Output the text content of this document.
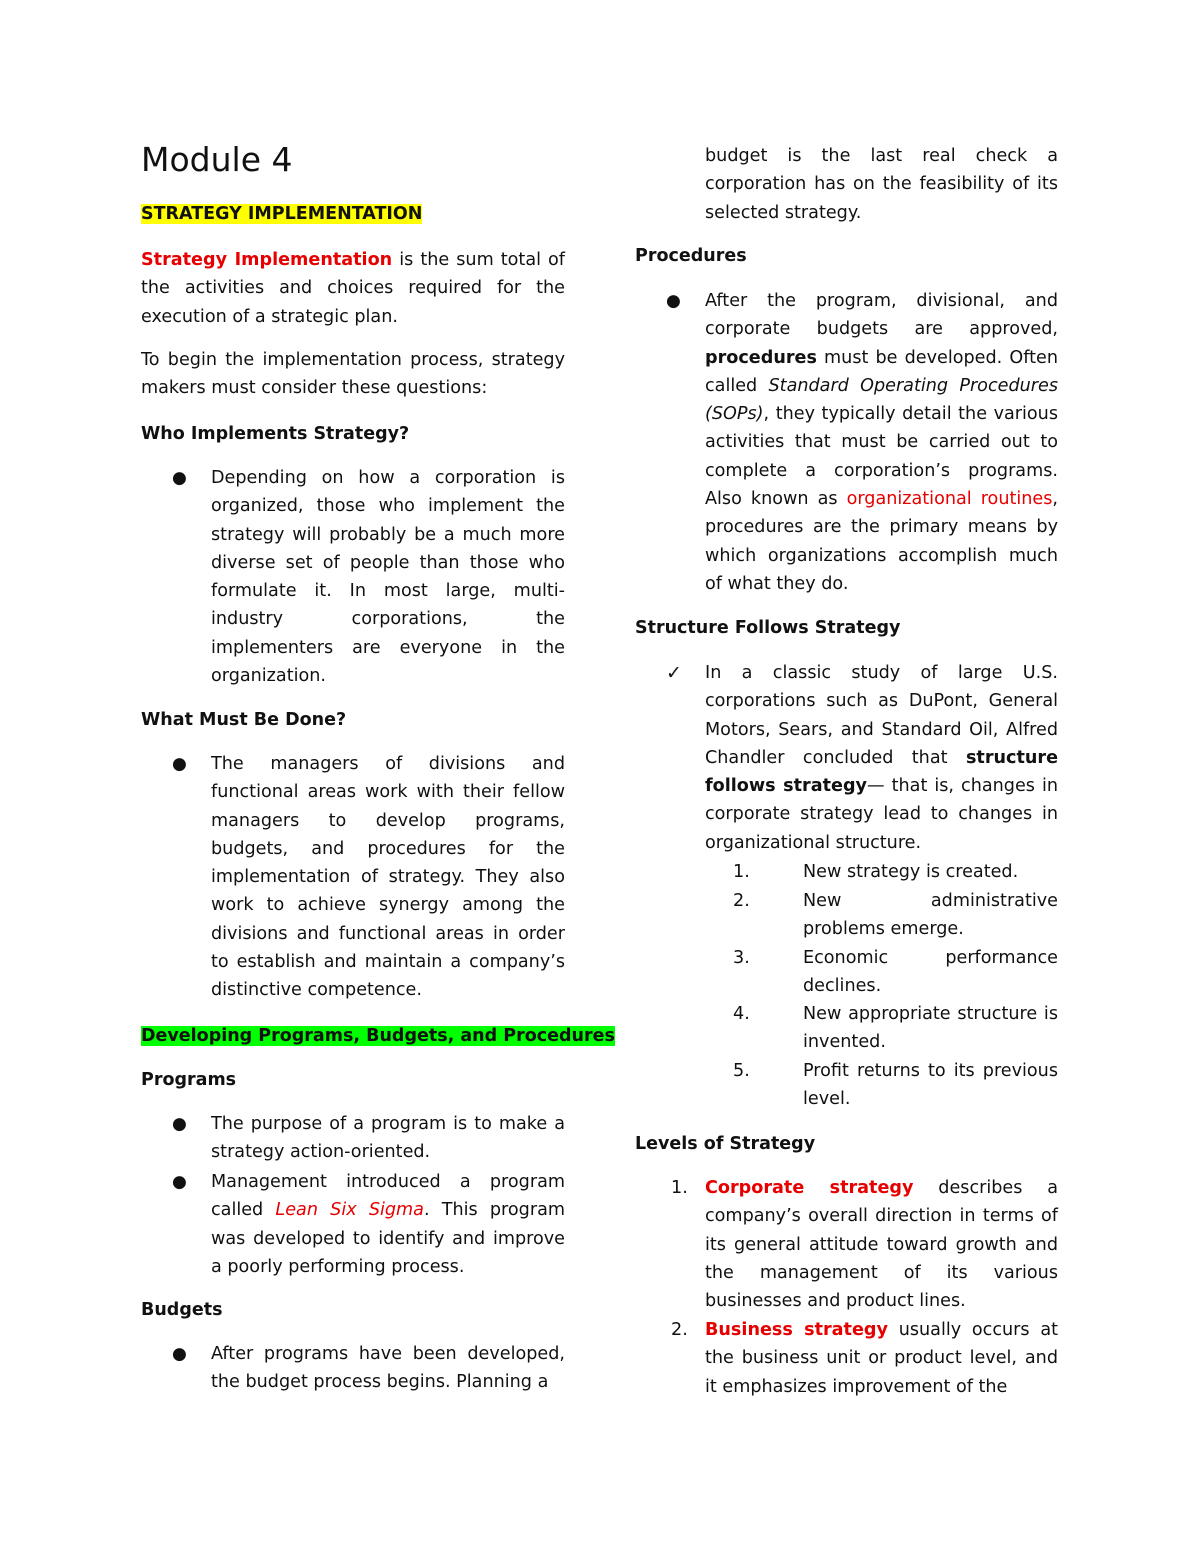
Module 4
STRATEGY IMPLEMENTATION

Strategy Implementation is the sum total of the activities and choices required for the execution of a strategic plan.

To begin the implementation process, strategy makers must consider these questions:

Who Implements Strategy?
● Depending on how a corporation is organized, those who implement the strategy will probably be a much more diverse set of people than those who formulate it. In most large, multi-industry corporations, the implementers are everyone in the organization.

What Must Be Done?
● The managers of divisions and functional areas work with their fellow managers to develop programs, budgets, and procedures for the implementation of strategy. They also work to achieve synergy among the divisions and functional areas in order to establish and maintain a company’s distinctive competence.

Developing Programs, Budgets, and Procedures
Programs
● The purpose of a program is to make a strategy action-oriented.

● Management introduced a program called Lean Six Sigma. This program was developed to identify and improve a poorly performing process.

Budgets
● After programs have been developed, the budget process begins. Planning a

budget is the last real check a corporation has on the feasibility of its selected strategy.

Procedures
● After the program, divisional, and corporate budgets are approved, procedures must be developed. Often called Standard Operating Procedures (SOPs), they typically detail the various activities that must be carried out to complete a corporation’s programs. Also known as organizational routines, procedures are the primary means by which organizations accomplish much of what they do.

Structure Follows Strategy
✓ In a classic study of large U.S. corporations such as DuPont, General Motors, Sears, and Standard Oil, Alfred Chandler concluded that structure follows strategy— that is, changes in corporate strategy lead to changes in organizational structure.

1.	New strategy is created.

2.	New administrative problems emerge.

3.	Economic performance declines.

4.	New appropriate structure is invented.

5.	Profit returns to its previous level.

Levels of Strategy
1. Corporate strategy describes a company’s overall direction in terms of its general attitude toward growth and the management of its various businesses and product lines.

2. Business strategy usually occurs at the business unit or product level, and it emphasizes improvement of the
